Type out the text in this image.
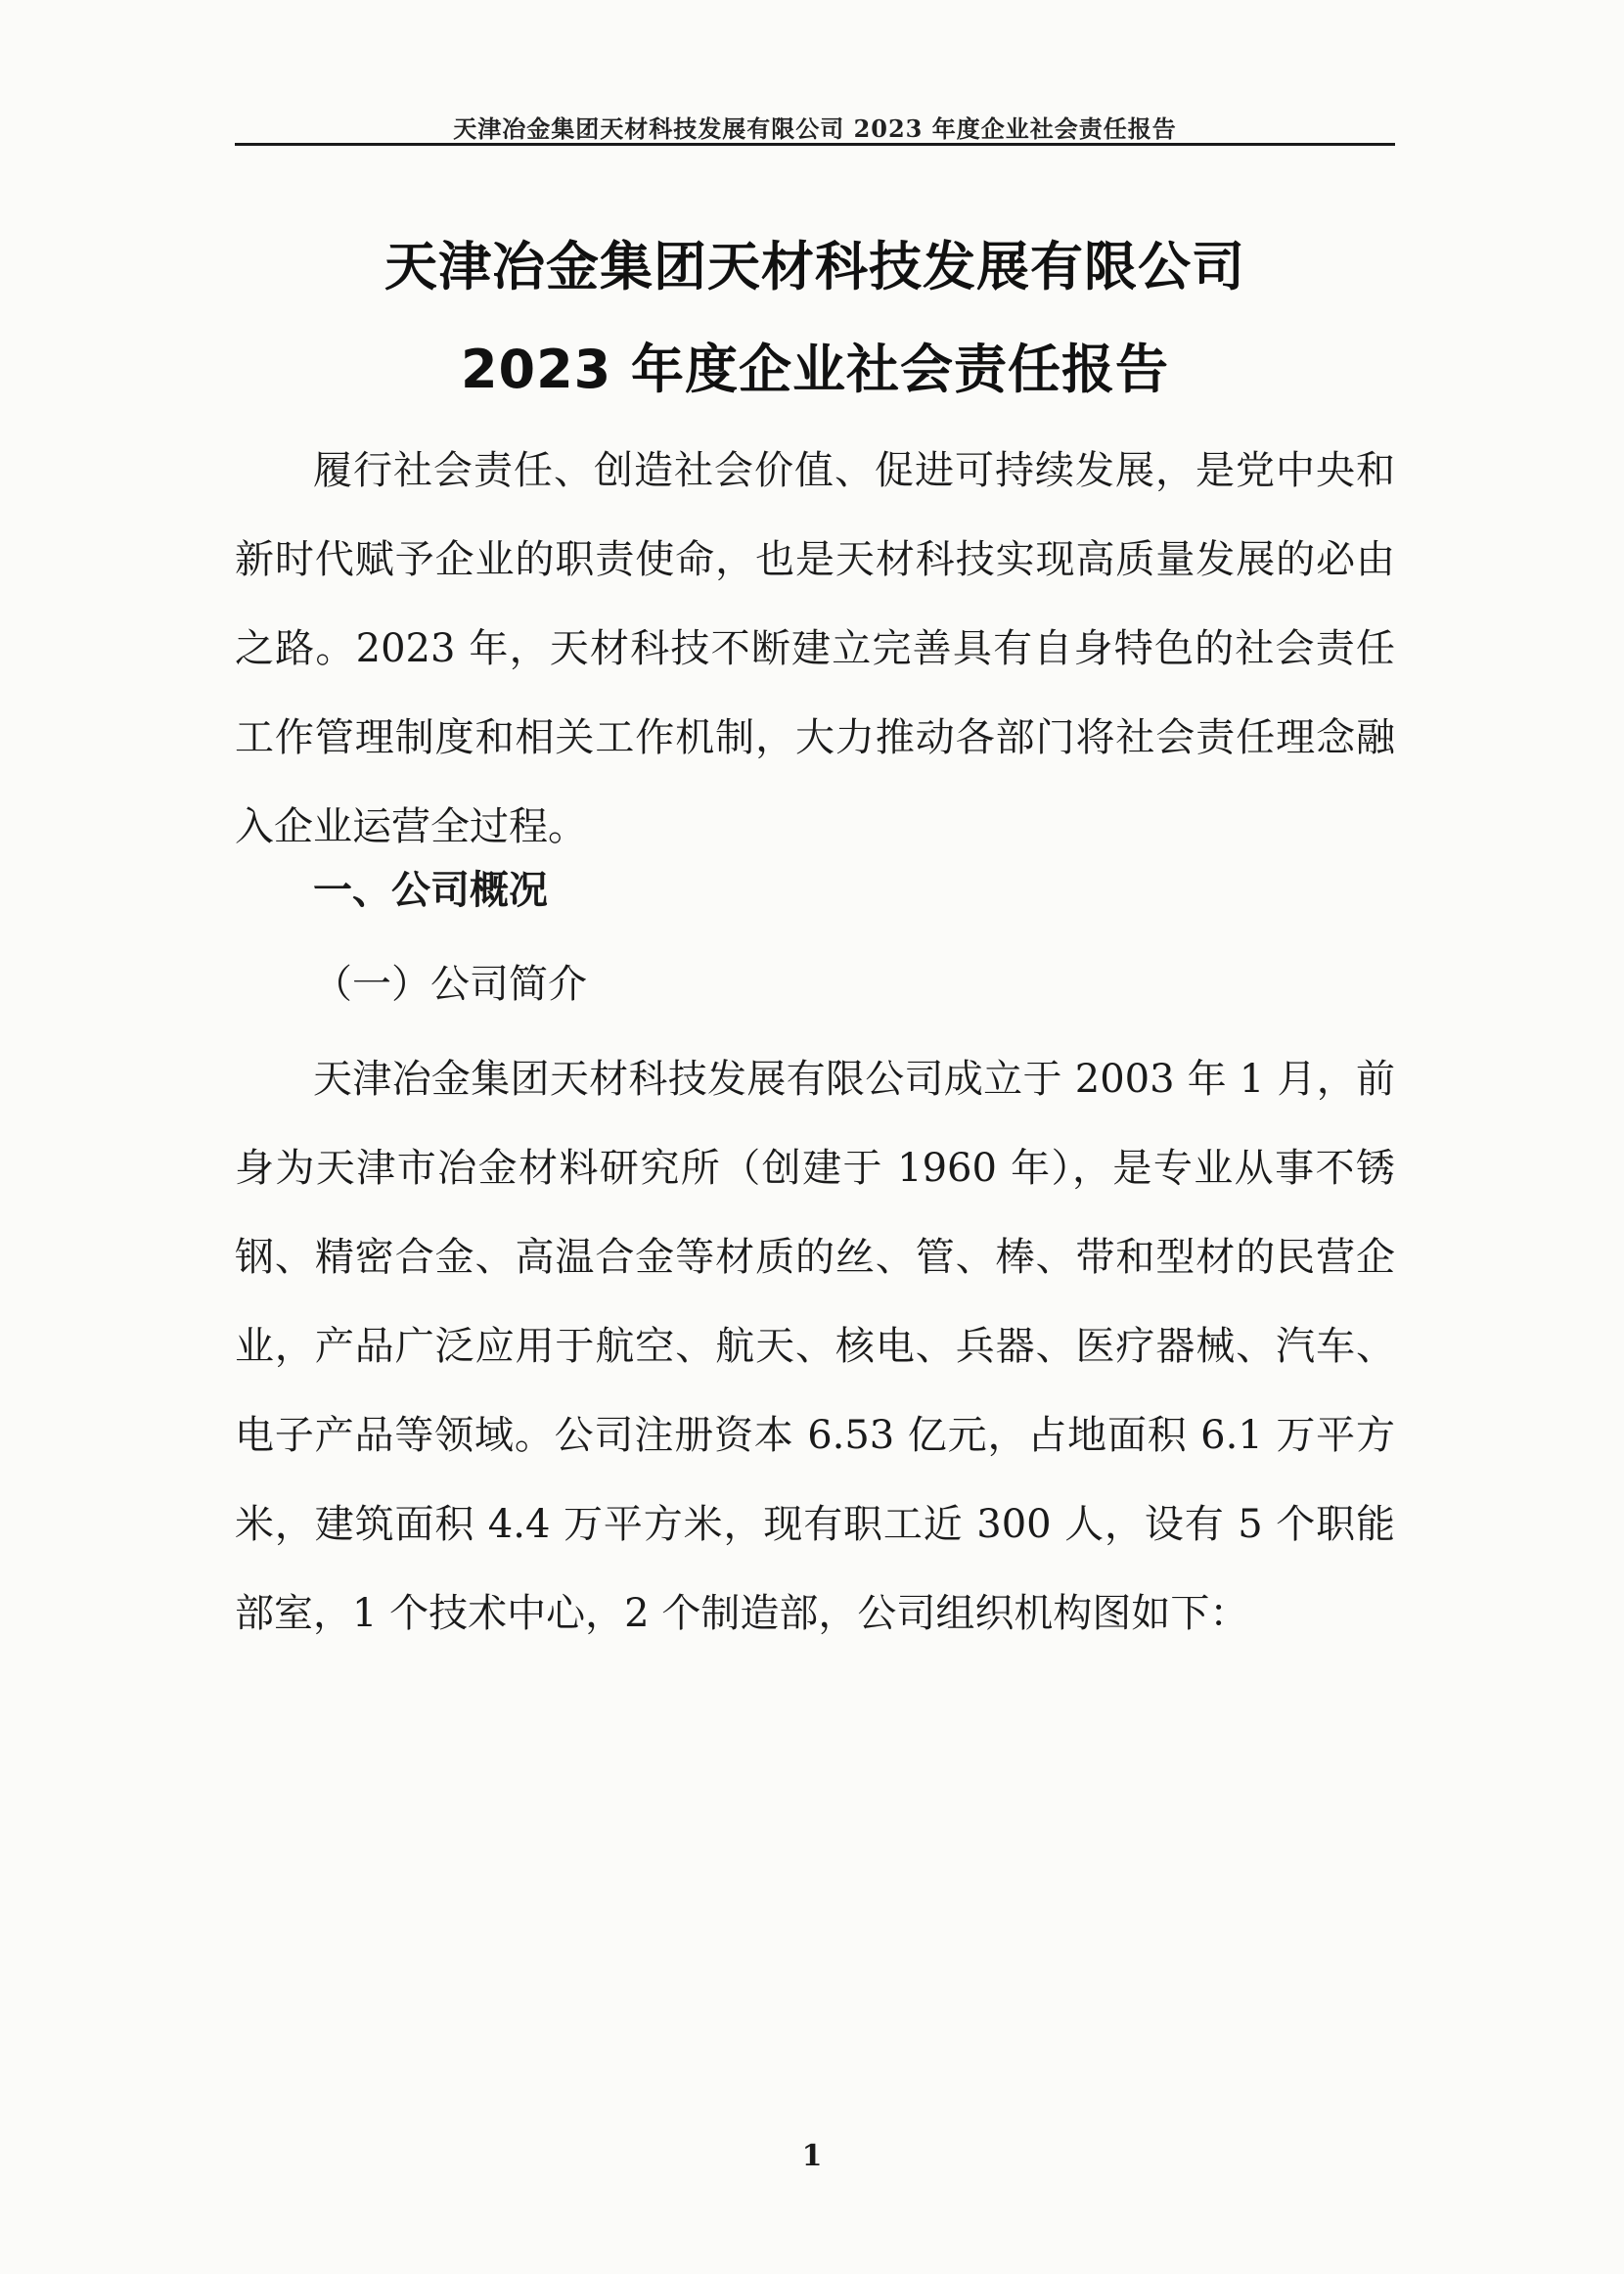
天津冶金集团天材科技发展有限公司 2023 年度企业社会责任报告
天津冶金集团天材科技发展有限公司
2023 年度企业社会责任报告

履行社会责任、创造社会价值、促进可持续发展，是党中央和新时代赋予企业的职责使命，也是天材科技实现高质量发展的必由之路。2023 年，天材科技不断建立完善具有自身特色的社会责任工作管理制度和相关工作机制，大力推动各部门将社会责任理念融入企业运营全过程。

一、公司概况
（一）公司简介

天津冶金集团天材科技发展有限公司成立于 2003 年 1 月，前身为天津市冶金材料研究所（创建于 1960 年），是专业从事不锈钢、精密合金、高温合金等材质的丝、管、棒、带和型材的民营企业，产品广泛应用于航空、航天、核电、兵器、医疗器械、汽车、电子产品等领域。公司注册资本 6.53 亿元，占地面积 6.1 万平方米，建筑面积 4.4 万平方米，现有职工近 300 人，设有 5 个职能部室，1 个技术中心，2 个制造部，公司组织机构图如下：

1
